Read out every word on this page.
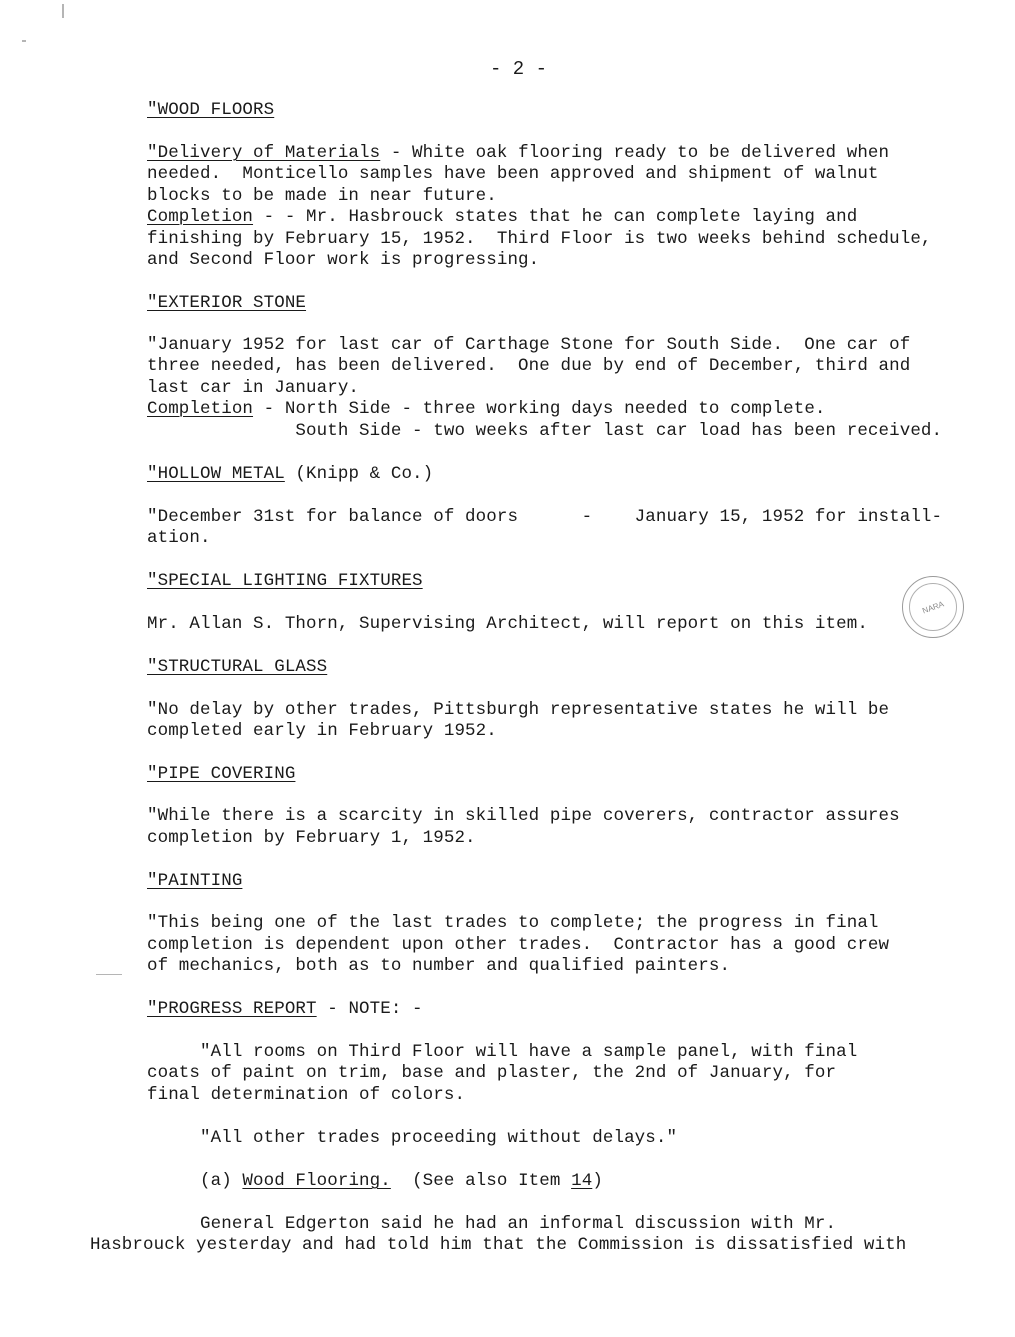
- 2 -
"WOOD FLOORS
"Delivery of Materials - White oak flooring ready to be delivered when
needed.  Monticello samples have been approved and shipment of walnut
blocks to be made in near future.
Completion - - Mr. Hasbrouck states that he can complete laying and
finishing by February 15, 1952.  Third Floor is two weeks behind schedule,
and Second Floor work is progressing.
"EXTERIOR STONE
"January 1952 for last car of Carthage Stone for South Side.  One car of
three needed, has been delivered.  One due by end of December, third and
last car in January.
Completion - North Side - three working days needed to complete.
South Side - two weeks after last car load has been received.
"HOLLOW METAL (Knipp & Co.)
"December 31st for balance of doors      -    January 15, 1952 for install-
ation.
"SPECIAL LIGHTING FIXTURES
Mr. Allan S. Thorn, Supervising Architect, will report on this item.
NARA
"STRUCTURAL GLASS
"No delay by other trades, Pittsburgh representative states he will be
completed early in February 1952.
"PIPE COVERING
"While there is a scarcity in skilled pipe coverers, contractor assures
completion by February 1, 1952.
"PAINTING
"This being one of the last trades to complete; the progress in final
completion is dependent upon other trades.  Contractor has a good crew
of mechanics, both as to number and qualified painters.
"PROGRESS REPORT - NOTE: -
"All rooms on Third Floor will have a sample panel, with final
coats of paint on trim, base and plaster, the 2nd of January, for
final determination of colors.
"All other trades proceeding without delays."
(a) Wood Flooring.  (See also Item 14)
General Edgerton said he had an informal discussion with Mr.
Hasbrouck yesterday and had told him that the Commission is dissatisfied with
